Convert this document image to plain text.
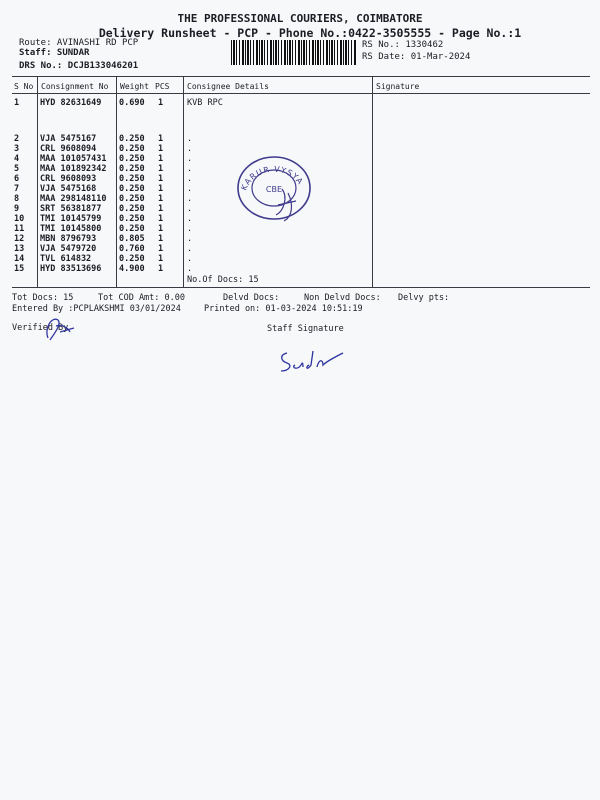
THE PROFESSIONAL COURIERS, COIMBATORE
Delivery Runsheet - PCP - Phone No.:0422-3505555 - Page No.:1
Route: AVINASHI RD PCP
Staff: SUNDAR
DRS No.: DCJB133046201
RS No.: 1330462
RS Date: 01-Mar-2024
S No Consignment No Weight PCS Consignee Details	Signature
1 HYD 82631649 0.690 1	KVB RPC
2 VJA 5475167	0.250 1	.
3 CRL 9608094	0.250 1	.
4 MAA 101057431 0.250 1	.
5 MAA 101892342 0.250 1	.
6 CRL 9608093	0.250 1	.
7 VJA 5475168	0.250 1	.
8 MAA 298148110 0.250 1	.
9 SRT 56381877 0.250 1	.
10 TMI 10145799 0.250 1	.
11 TMI 10145800 0.250 1	.
12 MBN 8796793	0.805 1	.
13 VJA 5479720	0.760 1	.
14 TVL 614832	0.250 1	.
15 HYD 83513696 4.900 1	.
No.Of Docs: 15
KARUR VYSYA
CBE
Tot Docs: 15	Tot COD Amt: 0.00	Delvd Docs:	Non Delvd Docs: Delvy pts:
Entered By :PCPLAKSHMI 03/01/2024	Printed on: 01-03-2024 10:51:19
Verified By	Staff Signature
